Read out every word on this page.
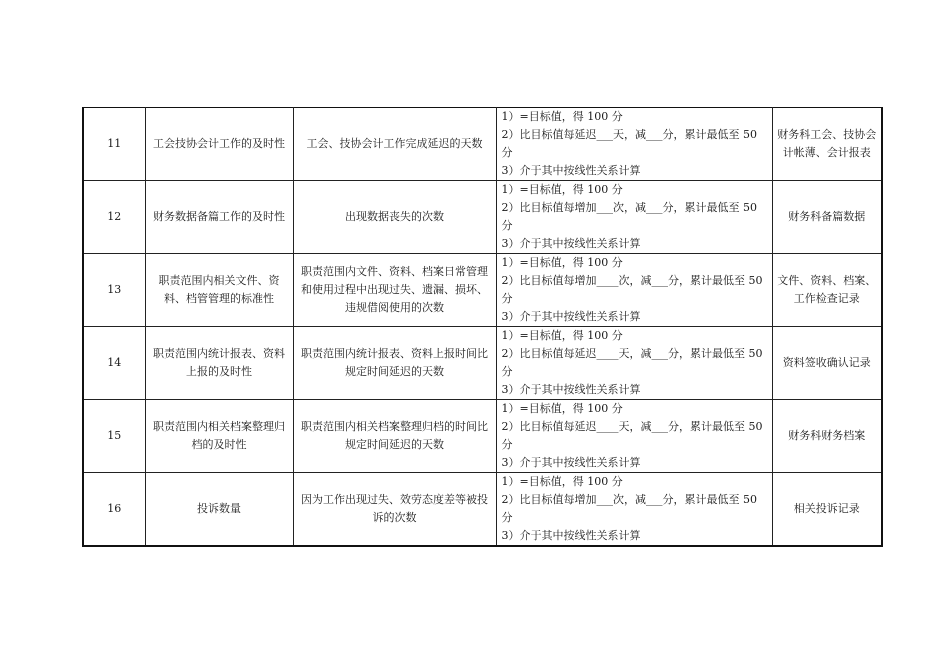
11	工会技协会计工作的及时性	工会、技协会计工作完成延迟的天数	1）=目标值，得 100 分
2）比目标值每延迟___天，减___分，累计最低至 50 分
3）介于其中按线性关系计算	财务科工会、技协会计帐薄、会计报表
12	财务数据备篇工作的及时性	出现数据丧失的次数	1）=目标值，得 100 分
2）比目标值每增加___次，减___分，累计最低至 50 分
3）介于其中按线性关系计算	财务科备篇数据
13	职责范围内相关文件、资料、档管管理的标准性	职责范围内文件、资料、档案日常管理和使用过程中出现过失、遗漏、损坏、违规借阅使用的次数	1）=目标值，得 100 分
2）比目标值每增加____次，减___分，累计最低至 50 分
3）介于其中按线性关系计算	文件、资料、档案、工作检查记录
14	职责范围内统计报表、资料上报的及时性	职责范围内统计报表、资料上报时间比规定时间延迟的天数	1）=目标值，得 100 分
2）比目标值每延迟____天，减___分，累计最低至 50 分
3）介于其中按线性关系计算	资料签收确认记录
15	职责范围内相关档案整理归档的及时性	职责范围内相关档案整理归档的时间比规定时间延迟的天数	1）=目标值，得 100 分
2）比目标值每延迟____天，减___分，累计最低至 50 分
3）介于其中按线性关系计算	财务科财务档案
16	投诉数量	因为工作出现过失、效劳态度差等被投诉的次数	1）=目标值，得 100 分
2）比目标值每增加___次，减___分，累计最低至 50 分
3）介于其中按线性关系计算	相关投诉记录
